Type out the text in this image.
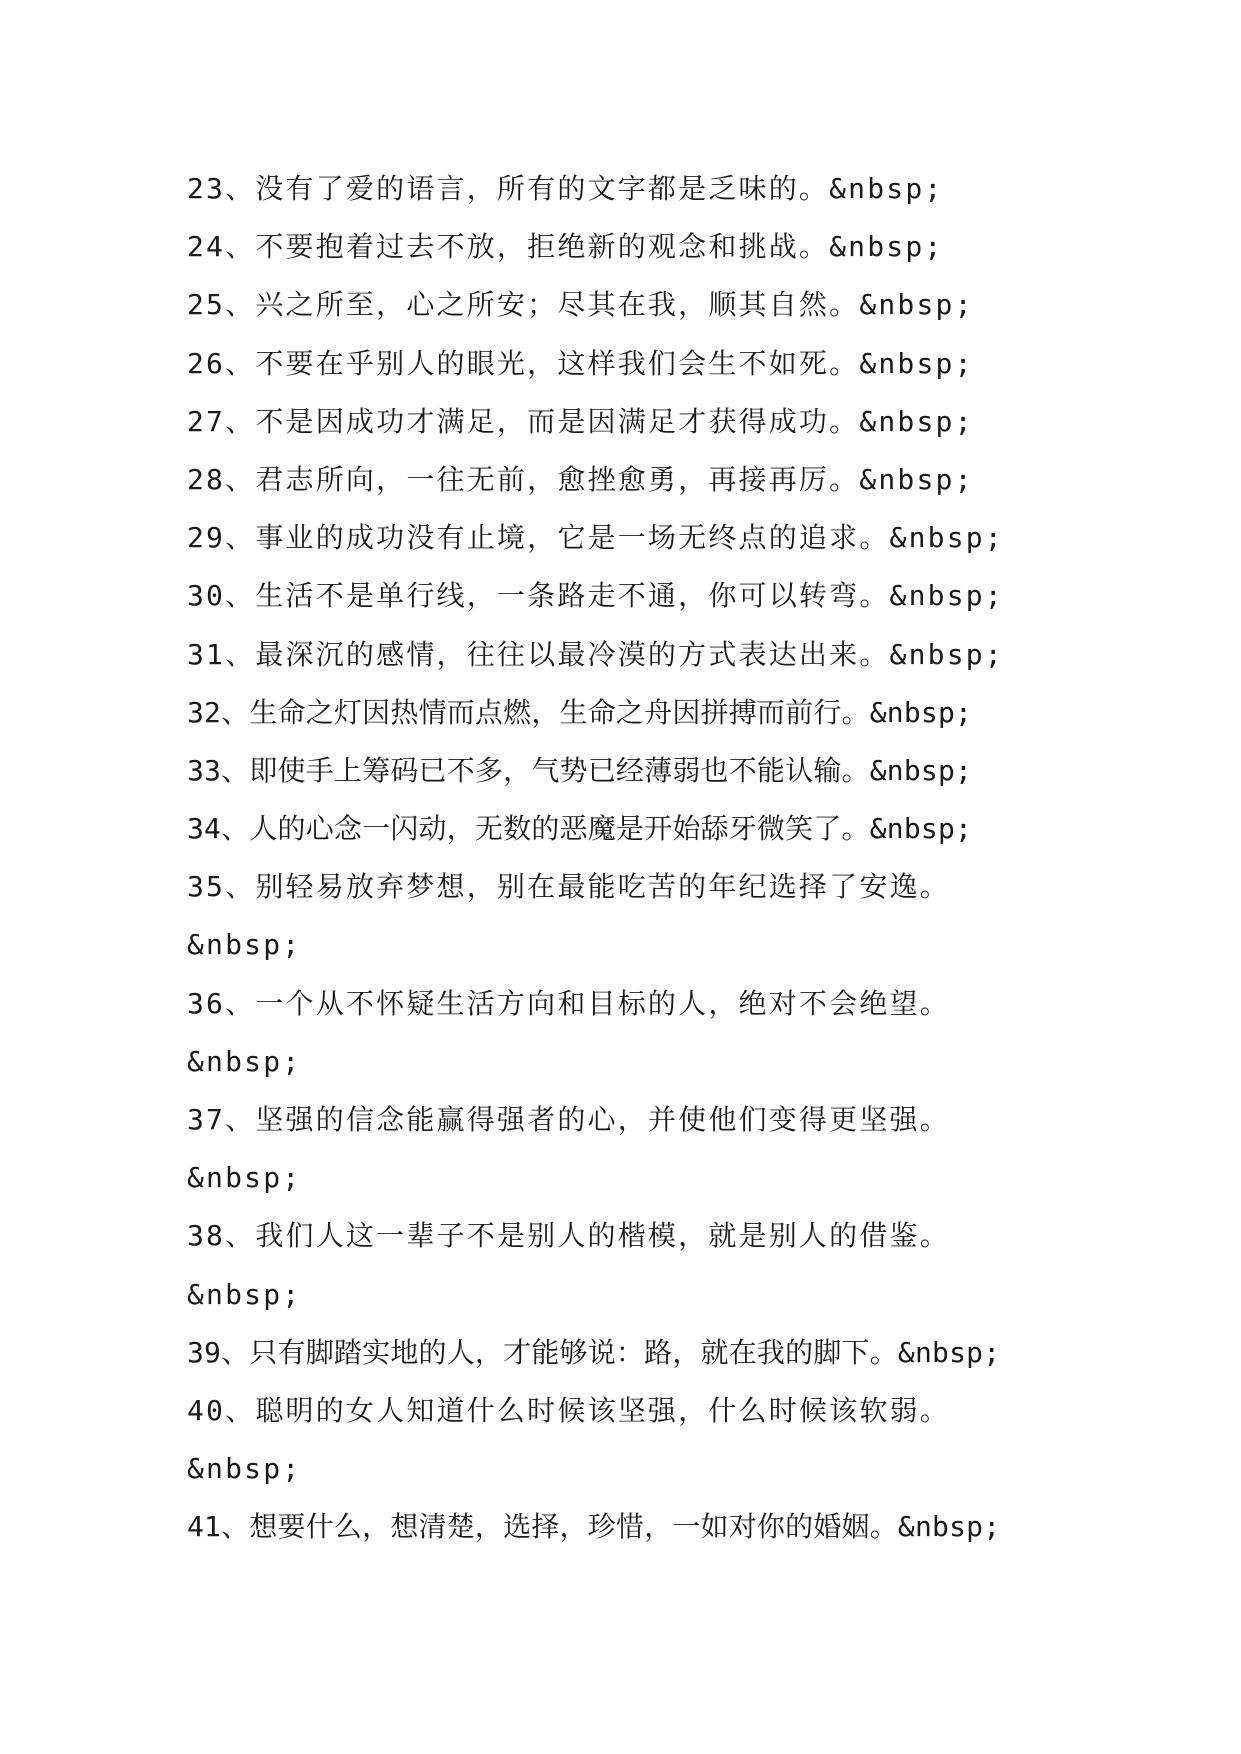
23、没有了爱的语言，所有的文字都是乏味的。&nbsp;
24、不要抱着过去不放，拒绝新的观念和挑战。&nbsp;
25、兴之所至，心之所安；尽其在我，顺其自然。&nbsp;
26、不要在乎别人的眼光，这样我们会生不如死。&nbsp;
27、不是因成功才满足，而是因满足才获得成功。&nbsp;
28、君志所向，一往无前，愈挫愈勇，再接再厉。&nbsp;
29、事业的成功没有止境，它是一场无终点的追求。&nbsp;
30、生活不是单行线，一条路走不通，你可以转弯。&nbsp;
31、最深沉的感情，往往以最冷漠的方式表达出来。&nbsp;
32、生命之灯因热情而点燃，生命之舟因拼搏而前行。&nbsp;
33、即使手上筹码已不多，气势已经薄弱也不能认输。&nbsp;
34、人的心念一闪动，无数的恶魔是开始舔牙微笑了。&nbsp;
35、别轻易放弃梦想，别在最能吃苦的年纪选择了安逸。
&nbsp;
36、一个从不怀疑生活方向和目标的人，绝对不会绝望。
&nbsp;
37、坚强的信念能赢得强者的心，并使他们变得更坚强。
&nbsp;
38、我们人这一辈子不是别人的楷模，就是别人的借鉴。
&nbsp;
39、只有脚踏实地的人，才能够说：路，就在我的脚下。&nbsp;
40、聪明的女人知道什么时候该坚强，什么时候该软弱。
&nbsp;
41、想要什么，想清楚，选择，珍惜，一如对你的婚姻。&nbsp;
